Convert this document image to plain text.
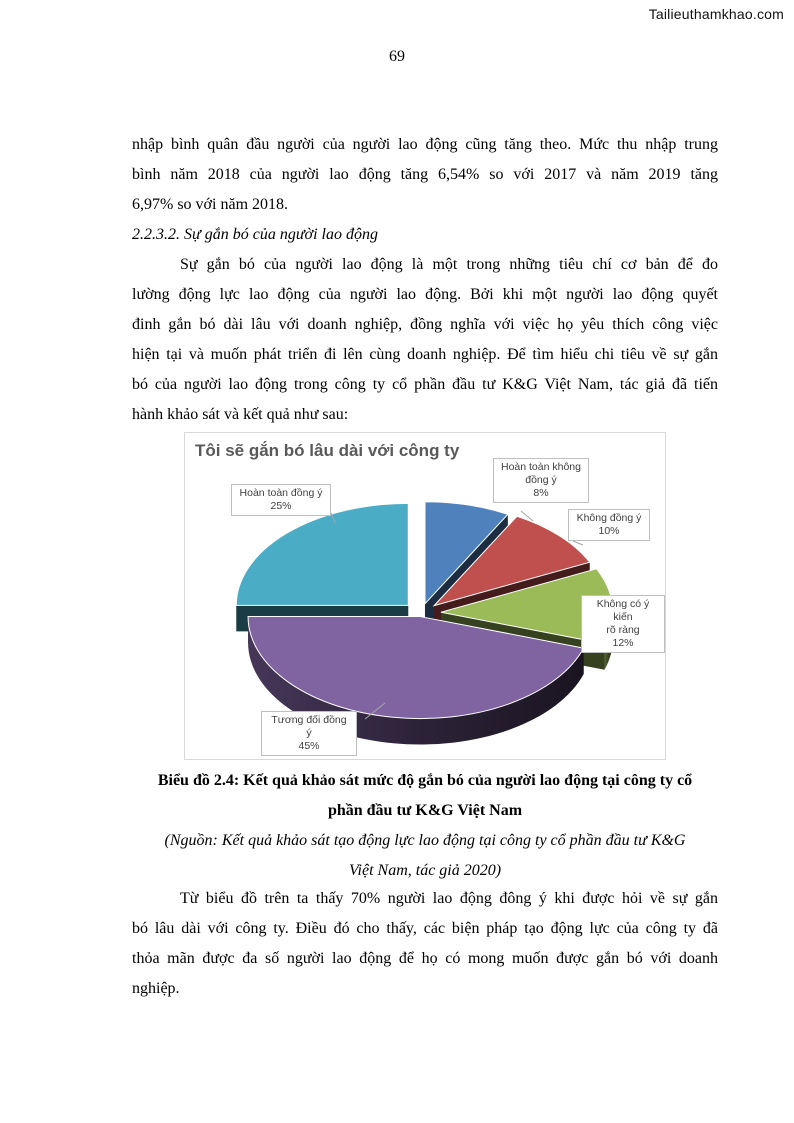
Tailieuthamkhao.com
69
nhập bình quân đầu người của người lao động cũng tăng theo. Mức thu nhập trung
bình năm 2018 của người lao động tăng 6,54% so với 2017 và năm 2019 tăng
6,97% so với năm 2018.
2.2.3.2. Sự gắn bó của người lao động
Sự gắn bó của người lao động là một trong những tiêu chí cơ bản để đo
lường động lực lao động của người lao động. Bởi khi một người lao động quyết
đinh gắn bó dài lâu với doanh nghiệp, đồng nghĩa với việc họ yêu thích công việc
hiện tại và muốn phát triển đi lên cùng doanh nghiệp. Để tìm hiểu chi tiêu về sự gắn
bó của người lao động trong công ty cổ phần đầu tư K&G Việt Nam, tác giả đã tiến
hành khảo sát và kết quả như sau:
Tôi sẽ gắn bó lâu dài với công ty
Hoàn toàn không
đồng ý
8%
Không đồng ý
10%
Không có ý kiến
rõ ràng
12%
Tương đối đồng
ý
45%
Hoàn toàn đồng ý
25%
Biểu đồ 2.4: Kết quả khảo sát mức độ gắn bó của người lao động tại công ty cổ
phần đầu tư K&G Việt Nam
(Nguồn: Kết quả khảo sát tạo động lực lao động tại công ty cổ phần đầu tư K&G
Việt Nam, tác giả 2020)
Từ biểu đồ trên ta thấy 70% người lao động đông ý khi được hỏi về sự gắn
bó lâu dài với công ty. Điều đó cho thấy, các biện pháp tạo động lực của công ty đã
thỏa mãn được đa số người lao động để họ có mong muốn được gắn bó với doanh
nghiệp.
